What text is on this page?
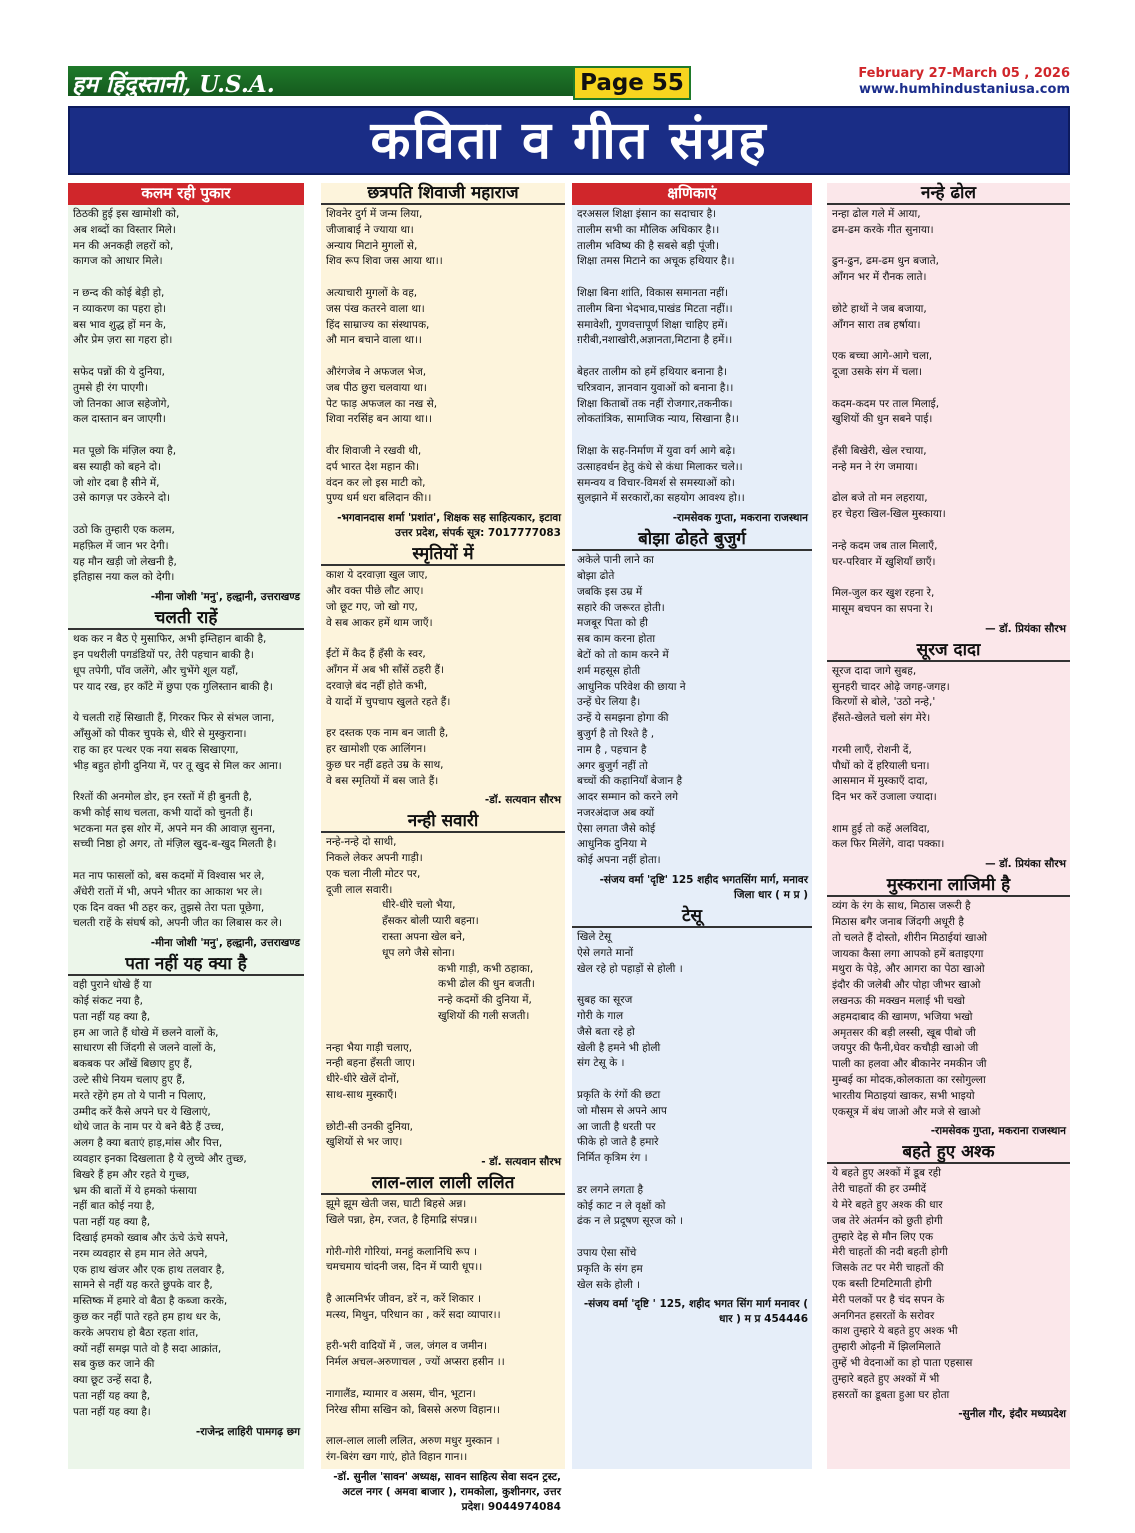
हम हिंदुस्तानी, U.S.A.	Page 55	February 27-March 05 , 2026
www.humhindustaniusa.com
कविता व गीत संग्रह
कलम रही पुकार
ठिठकी हुई इस खामोशी को,
अब शब्दों का विस्तार मिले।
मन की अनकही लहरों को,
कागज को आधार मिले।
न छन्द की कोई बेड़ी हो,
न व्याकरण का पहरा हो।
बस भाव शुद्ध हों मन के,
और प्रेम ज़रा सा गहरा हो।
सफेद पन्नों की ये दुनिया,
तुमसे ही रंग पाएगी।
जो तिनका आज सहेजोगे,
कल दास्तान बन जाएगी।
मत पूछो कि मंज़िल क्या है,
बस स्याही को बहने दो।
जो शोर दबा है सीने में,
उसे कागज़ पर उकेरने दो।
उठो कि तुम्हारी एक कलम,
महफ़िल में जान भर देगी।
यह मौन खड़ी जो लेखनी है,
इतिहास नया कल को देगी।
-मीना जोशी 'मनु', हल्द्वानी, उत्तराखण्ड
चलती राहें
थक कर न बैठ ऐ मुसाफिर, अभी इम्तिहान बाकी है,
इन पथरीली पगडंडियों पर, तेरी पहचान बाकी है।
धूप तपेगी, पाँव जलेंगे, और चुभेंगे शूल यहाँ,
पर याद रख, हर काँटे में छुपा एक गुलिस्तान बाकी है।
ये चलती राहें सिखाती हैं, गिरकर फिर से संभल जाना,
आँसुओं को पीकर चुपके से, धीरे से मुस्कुराना।
राह का हर पत्थर एक नया सबक सिखाएगा,
भीड़ बहुत होगी दुनिया में, पर तू खुद से मिल कर आना।
रिश्तों की अनमोल डोर, इन रस्तों में ही बुनती है,
कभी कोई साथ चलता, कभी यादों को चुनती हैं।
भटकना मत इस शोर में, अपने मन की आवाज़ सुनना,
सच्ची निष्ठा हो अगर, तो मंज़िल खुद-ब-खुद मिलती है।
मत नाप फासलों को, बस कदमों में विश्वास भर ले,
अँधेरी रातों में भी, अपने भीतर का आकाश भर ले।
एक दिन वक्त भी ठहर कर, तुझसे तेरा पता पूछेगा,
चलती राहें के संघर्ष को, अपनी जीत का लिबास कर ले।
-मीना जोशी 'मनु', हल्द्वानी, उत्तराखण्ड
पता नहीं यह क्या है
वही पुराने धोखे हैं या
कोई संकट नया है,
पता नहीं यह क्या है,
हम आ जाते हैं धोखे में छलने वालों के,
साधारण सी जिंदगी से जलने वालों के,
बकबक पर आँखें बिछाए हुए हैं,
उल्टे सीधे नियम चलाए हुए हैं,
मरते रहेंगे हम तो ये पानी न पिलाए,
उम्मीद करें कैसे अपने घर ये खिलाएं,
थोथे जात के नाम पर ये बने बैठे हैं उच्च,
अलग है क्या बताएं हाड़,मांस और पित्त,
व्यवहार इनका दिखलाता है ये लुच्चे और तुच्छ,
बिखरे हैं हम और रहते ये गुच्छ,
भ्रम की बातों में ये हमको फंसाया
नहीं बात कोई नया है,
पता नहीं यह क्या है,
दिखाई हमको ख्वाब और ऊंचे ऊंचे सपने,
नरम व्यवहार से हम मान लेते अपने,
एक हाथ खंजर और एक हाथ तलवार है,
सामने से नहीं यह करते छुपके वार है,
मस्तिष्क में हमारे वो बैठा है कब्जा करके,
कुछ कर नहीं पाते रहते हम हाथ धर के,
करके अपराध हो बैठा रहता शांत,
क्यों नहीं समझ पाते वो है सदा आक्रांत,
सब कुछ कर जाने की
क्या छूट उन्हें सदा है,
पता नहीं यह क्या है,
पता नहीं यह क्या है।
-राजेन्द्र लाहिरी पामगढ़ छग
छत्रपति शिवाजी महाराज
शिवनेर दुर्ग में जन्म लिया,
जीजाबाई ने ज्याया था।
अन्याय मिटाने मुगलों से,
शिव रूप शिवा जस आया था।।
अत्याचारी मुगलों के वह,
जस पंख कतरने वाला था।
हिंद साम्राज्य का संस्थापक,
औ मान बचाने वाला था।।
औरंगजेब ने अफजल भेज,
जब पीठ छुरा चलवाया था।
पेट फाड़ अफजल का नख से,
शिवा नरसिंह बन आया था।।
वीर शिवाजी ने रखवी थी,
दर्प भारत देश महान की।
वंदन कर लो इस माटी को,
पुण्य धर्म धरा बलिदान की।।
-भगवानदास शर्मा 'प्रशांत', शिक्षक सह साहित्यकार, इटावा उत्तर प्रदेश, संपर्क सूत्र: 7017777083
स्मृतियों में
काश ये दरवाज़ा खुल जाए,
और वक्त पीछे लौट आए।
जो छूट गए, जो खो गए,
वे सब आकर हमें थाम जाएँ।
ईंटों में कैद हैं हँसी के स्वर,
आँगन में अब भी साँसें ठहरी हैं।
दरवाज़े बंद नहीं होते कभी,
वे यादों में चुपचाप खुलते रहते हैं।
हर दस्तक एक नाम बन जाती है,
हर खामोशी एक आलिंगन।
कुछ घर नहीं ढहते उम्र के साथ,
वे बस स्मृतियों में बस जाते हैं।
-डॉ. सत्यवान सौरभ
नन्ही सवारी
नन्हे-नन्हे दो साथी,
निकले लेकर अपनी गाड़ी।
एक चला नीली मोटर पर,
दूजी लाल सवारी।
धीरे-धीरे चलो भैया,
हँसकर बोली प्यारी बहना।
रास्ता अपना खेल बने,
धूप लगे जैसे सोना।
कभी गाड़ी, कभी ठहाका,
कभी ढोल की धुन बजती।
नन्हे कदमों की दुनिया में,
खुशियों की गली सजती।
नन्हा भैया गाड़ी चलाए,
नन्ही बहना हँसती जाए।
धीरे-धीरे खेलें दोनों,
साथ-साथ मुस्काएँ।
छोटी-सी उनकी दुनिया,
खुशियों से भर जाए।
- डॉ. सत्यवान सौरभ
लाल-लाल लाली ललित
झूमे झूम खेती जस, घाटी बिहसे अन्न।
खिले पन्ना, हेम, रजत, है हिमाद्रि संपन्न।।
गोरी-गोरी गोरियां, मनहुं कलानिधि रूप ।
चमचमाय चांदनी जस, दिन में प्यारी धूप।।
है आत्मनिर्भर जीवन, डरें न, करें शिकार ।
मत्स्य, मिथुन, परिधान का , करें सदा व्यापार।।
हरी-भरी वादियों में , जल, जंगल व जमीन।
निर्मल अचल-अरुणाचल , ज्यों अप्सरा हसीन ।।
नागालैंड, म्यामार व असम, चीन, भूटान।
निरेख सीमा सखिन को, बिससे अरुण विहान।।
लाल-लाल लाली ललित, अरुण मधुर मुस्कान ।
रंग-बिरंग खग गाएं, होते विहान गान।।
-डॉ. सुनील 'सावन' अध्यक्ष, सावन साहित्य सेवा सदन ट्रस्ट, अटल नगर ( अमवा बाजार ), रामकोला, कुशीनगर, उत्तर प्रदेश। 9044974084
क्षणिकाएं
दरअसल शिक्षा इंसान का सदाचार है।
तालीम सभी का मौलिक अधिकार है।।
तालीम भविष्य की है सबसे बड़ी पूंजी।
शिक्षा तमस मिटाने का अचूक हथियार है।।
शिक्षा बिना शांति, विकास समानता नहीं।
तालीम बिना भेदभाव,पाखंड मिटता नहीं।।
समावेशी, गुणवत्तापूर्ण शिक्षा चाहिए हमें।
ग़रीबी,नशाखोरी,अज्ञानता,मिटाना है हमें।।
बेहतर तालीम को हमें हथियार बनाना है।
चरित्रवान, ज्ञानवान युवाओं को बनाना है।।
शिक्षा किताबों तक नहीं रोजगार,तकनीक।
लोकतांत्रिक, सामाजिक न्याय, सिखाना है।।
शिक्षा के सह-निर्माण में युवा वर्ग आगे बढ़े।
उत्साहवर्धन हेतु कंधे से कंधा मिलाकर चले।।
समन्वय व विचार-विमर्श से समस्याओं को।
सुलझाने में सरकारों,का सहयोग आवश्य हो।।
-रामसेवक गुप्ता, मकराना राजस्थान
बोझा ढोहते बुजुर्ग
अकेले पानी लाने का
बोझा ढोते
जबकि इस उम्र में
सहारे की जरूरत होती।
मजबूर पिता को ही
सब काम करना होता
बेटों को तो काम करने में
शर्म महसूस होती
आधुनिक परिवेश की छाया ने
उन्हें घेर लिया है।
उन्हें ये समझना होगा की
बुजुर्ग है तो रिश्ते है ,
नाम है , पहचान है
अगर बुजुर्ग नहीं तो
बच्चों की कहानियाँ बेजान है
आदर सम्मान को करने लगे
नजरअंदाज अब क्यों
ऐसा लगता जैसे कोई
आधुनिक दुनिया मे
कोई अपना नहीं होता।
-संजय वर्मा 'दृष्टि' 125 शहीद भगतसिंग मार्ग, मनावर जिला धार ( म प्र )
टेसू
खिले टेसू
ऐसे लगते मानों
खेल रहे हो पहाड़ों से होली ।
सुबह का सूरज
गोरी के गाल
जैसे बता रहे हो
खेली है हमने भी होली
संग टेसू के ।
प्रकृति के रंगों की छटा
जो मौसम से अपने आप
आ जाती है धरती पर
फीके हो जाते है हमारे
निर्मित कृत्रिम रंग ।
डर लगने लगता है
कोई काट न ले वृक्षों को
ढंक न ले प्रदूषण सूरज को ।
उपाय ऐसा सोंचे
प्रकृति के संग हम
खेल सके होली ।
-संजय वर्मा 'दृष्टि ' 125, शहीद भगत सिंग मार्ग मनावर ( धार ) म प्र 454446
नन्हे ढोल
नन्हा ढोल गले में आया,
ढम-ढम करके गीत सुनाया।
ढुन-ढुन, ढम-ढम धुन बजाते,
आँगन भर में रौनक लाते।
छोटे हाथों ने जब बजाया,
आँगन सारा तब हर्षाया।
एक बच्चा आगे-आगे चला,
दूजा उसके संग में चला।
कदम-कदम पर ताल मिलाई,
खुशियों की धुन सबने पाई।
हँसी बिखेरी, खेल रचाया,
नन्हे मन ने रंग जमाया।
ढोल बजे तो मन लहराया,
हर चेहरा खिल-खिल मुस्काया।
नन्हे कदम जब ताल मिलाएँ,
घर-परिवार में खुशियाँ छाएँ।
मिल-जुल कर खुश रहना रे,
मासूम बचपन का सपना रे।
— डॉ. प्रियंका सौरभ
सूरज दादा
सूरज दादा जागे सुबह,
सुनहरी चादर ओढ़े जगह-जगह।
किरणों से बोले, 'उठो नन्हे,'
हँसते-खेलते चलो संग मेरे।
गरमी लाएँ, रोशनी दें,
पौधों को दें हरियाली घना।
आसमान में मुस्काएँ दादा,
दिन भर करें उजाला ज्यादा।
शाम हुई तो कहें अलविदा,
कल फिर मिलेंगे, वादा पक्का।
— डॉ. प्रियंका सौरभ
मुस्कराना लाजिमी है
व्यंग के रंग के साथ, मिठास जरूरी है
मिठास बगैर जनाब जिंदगी अधूरी है
तो चलते हैं दोस्तो, शीरीन मिठाईयां खाओ
जायका कैसा लगा आपको हमें बताइएगा
मथुरा के पेड़े, और आगरा का पेठा खाओ
इंदौर की जलेबी और पोहा जीभर खाओ
लखनऊ की मक्खन मलाई भी चखो
अहमदाबाद की खामण, भजिया भखो
अमृतसर की बड़ी लस्सी, खूब पीबो जी
जयपुर की फैनी,घेवर कचौड़ी खाओ जी
पाली का हलवा और बीकानेर नमकीन जी
मुम्बई का मोदक,कोलकाता का रसोगुल्ला
भारतीय मिठाइयां खाकर, सभी भाइयो
एकसूत्र में बंध जाओ और मजे से खाओ
-रामसेवक गुप्ता, मकराना राजस्थान
बहते हुए अश्क
ये बहते हुए अश्कों में डूब रही
तेरी चाहतों की हर उम्मीदें
ये मेरे बहते हुए अश्क की धार
जब तेरे अंतर्मन को छुती होगी
तुम्हारे देह से मौन लिए एक
मेरी चाहतों की नदी बहती होगी
जिसके तट पर मेरी चाहतों की
एक बस्ती टिमटिमाती होगी
मेरी पलकों पर है चंद सपन के
अनगिनत हसरतों के सरोवर
काश तुम्हारे ये बहते हुए अश्क भी
तुम्हारी ओढ़नी में झिलमिलाते
तुम्हें भी वेदनाओं का हो पाता एहसास
तुम्हारे बहते हुए अश्कों में भी
हसरतों का डूबता हुआ घर होता
-सुनील गौर, इंदौर मध्यप्रदेश
